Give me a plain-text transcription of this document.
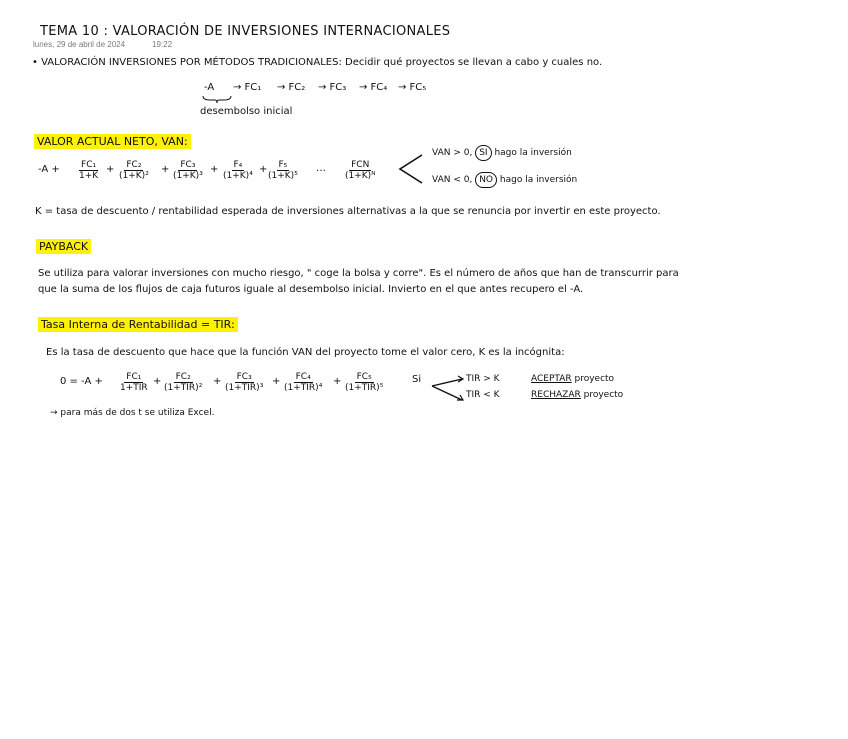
TEMA 10 : VALORACIÓN DE INVERSIONES INTERNACIONALES
lunes, 29 de abril de 2024	19:22
• VALORACIÓN INVERSIONES POR MÉTODOS TRADICIONALES: Decidir qué proyectos se llevan a cabo y cuales no.
-A → FC₁ → FC₂ → FC₃ → FC₄ → FC₅
desembolso inicial
VALOR ACTUAL NETO, VAN:
$-A + \frac{\text{FC₁}}{1+K} + \frac{\text{FC₂}}{\text{(1+K)²}} + \frac{\text{FC₃}}{\text{(1+K)³}} + \frac{\text{F₄}}{\text{(1+K)⁴}}$ +
$\frac{\text{F₅}}{\text{(1+K)⁵}}$ …	FCN
(1+K)ᴺ
VAN > 0, SI hago la inversión
VAN < 0, NO hago la inversión
K = tasa de descuento / rentabilidad esperada de inversiones alternativas a la que se renuncia por invertir en este proyecto.
PAYBACK
Se utiliza para valorar inversiones con mucho riesgo, " coge la bolsa y corre". Es el número de años que han de transcurrir para
que la suma de los flujos de caja futuros iguale al desembolso inicial. Invierto en el que antes recupero el -A.
Tasa Interna de Rentabilidad = TIR:
Es la tasa de descuento que hace que la función VAN del proyecto tome el valor cero, K es la incógnita:
0 = -A +	FC₁
1+TIR
+ FC₂
(1+TIR)²
+ FC₃
(1+TIR)³
+ FC₄
(1+TIR)⁴
+ FC₅
(1+TIR)⁵
Si	TIR > K
TIR < K
ACEPTAR proyecto
RECHAZAR proyecto
→ para más de dos t se utiliza Excel.
